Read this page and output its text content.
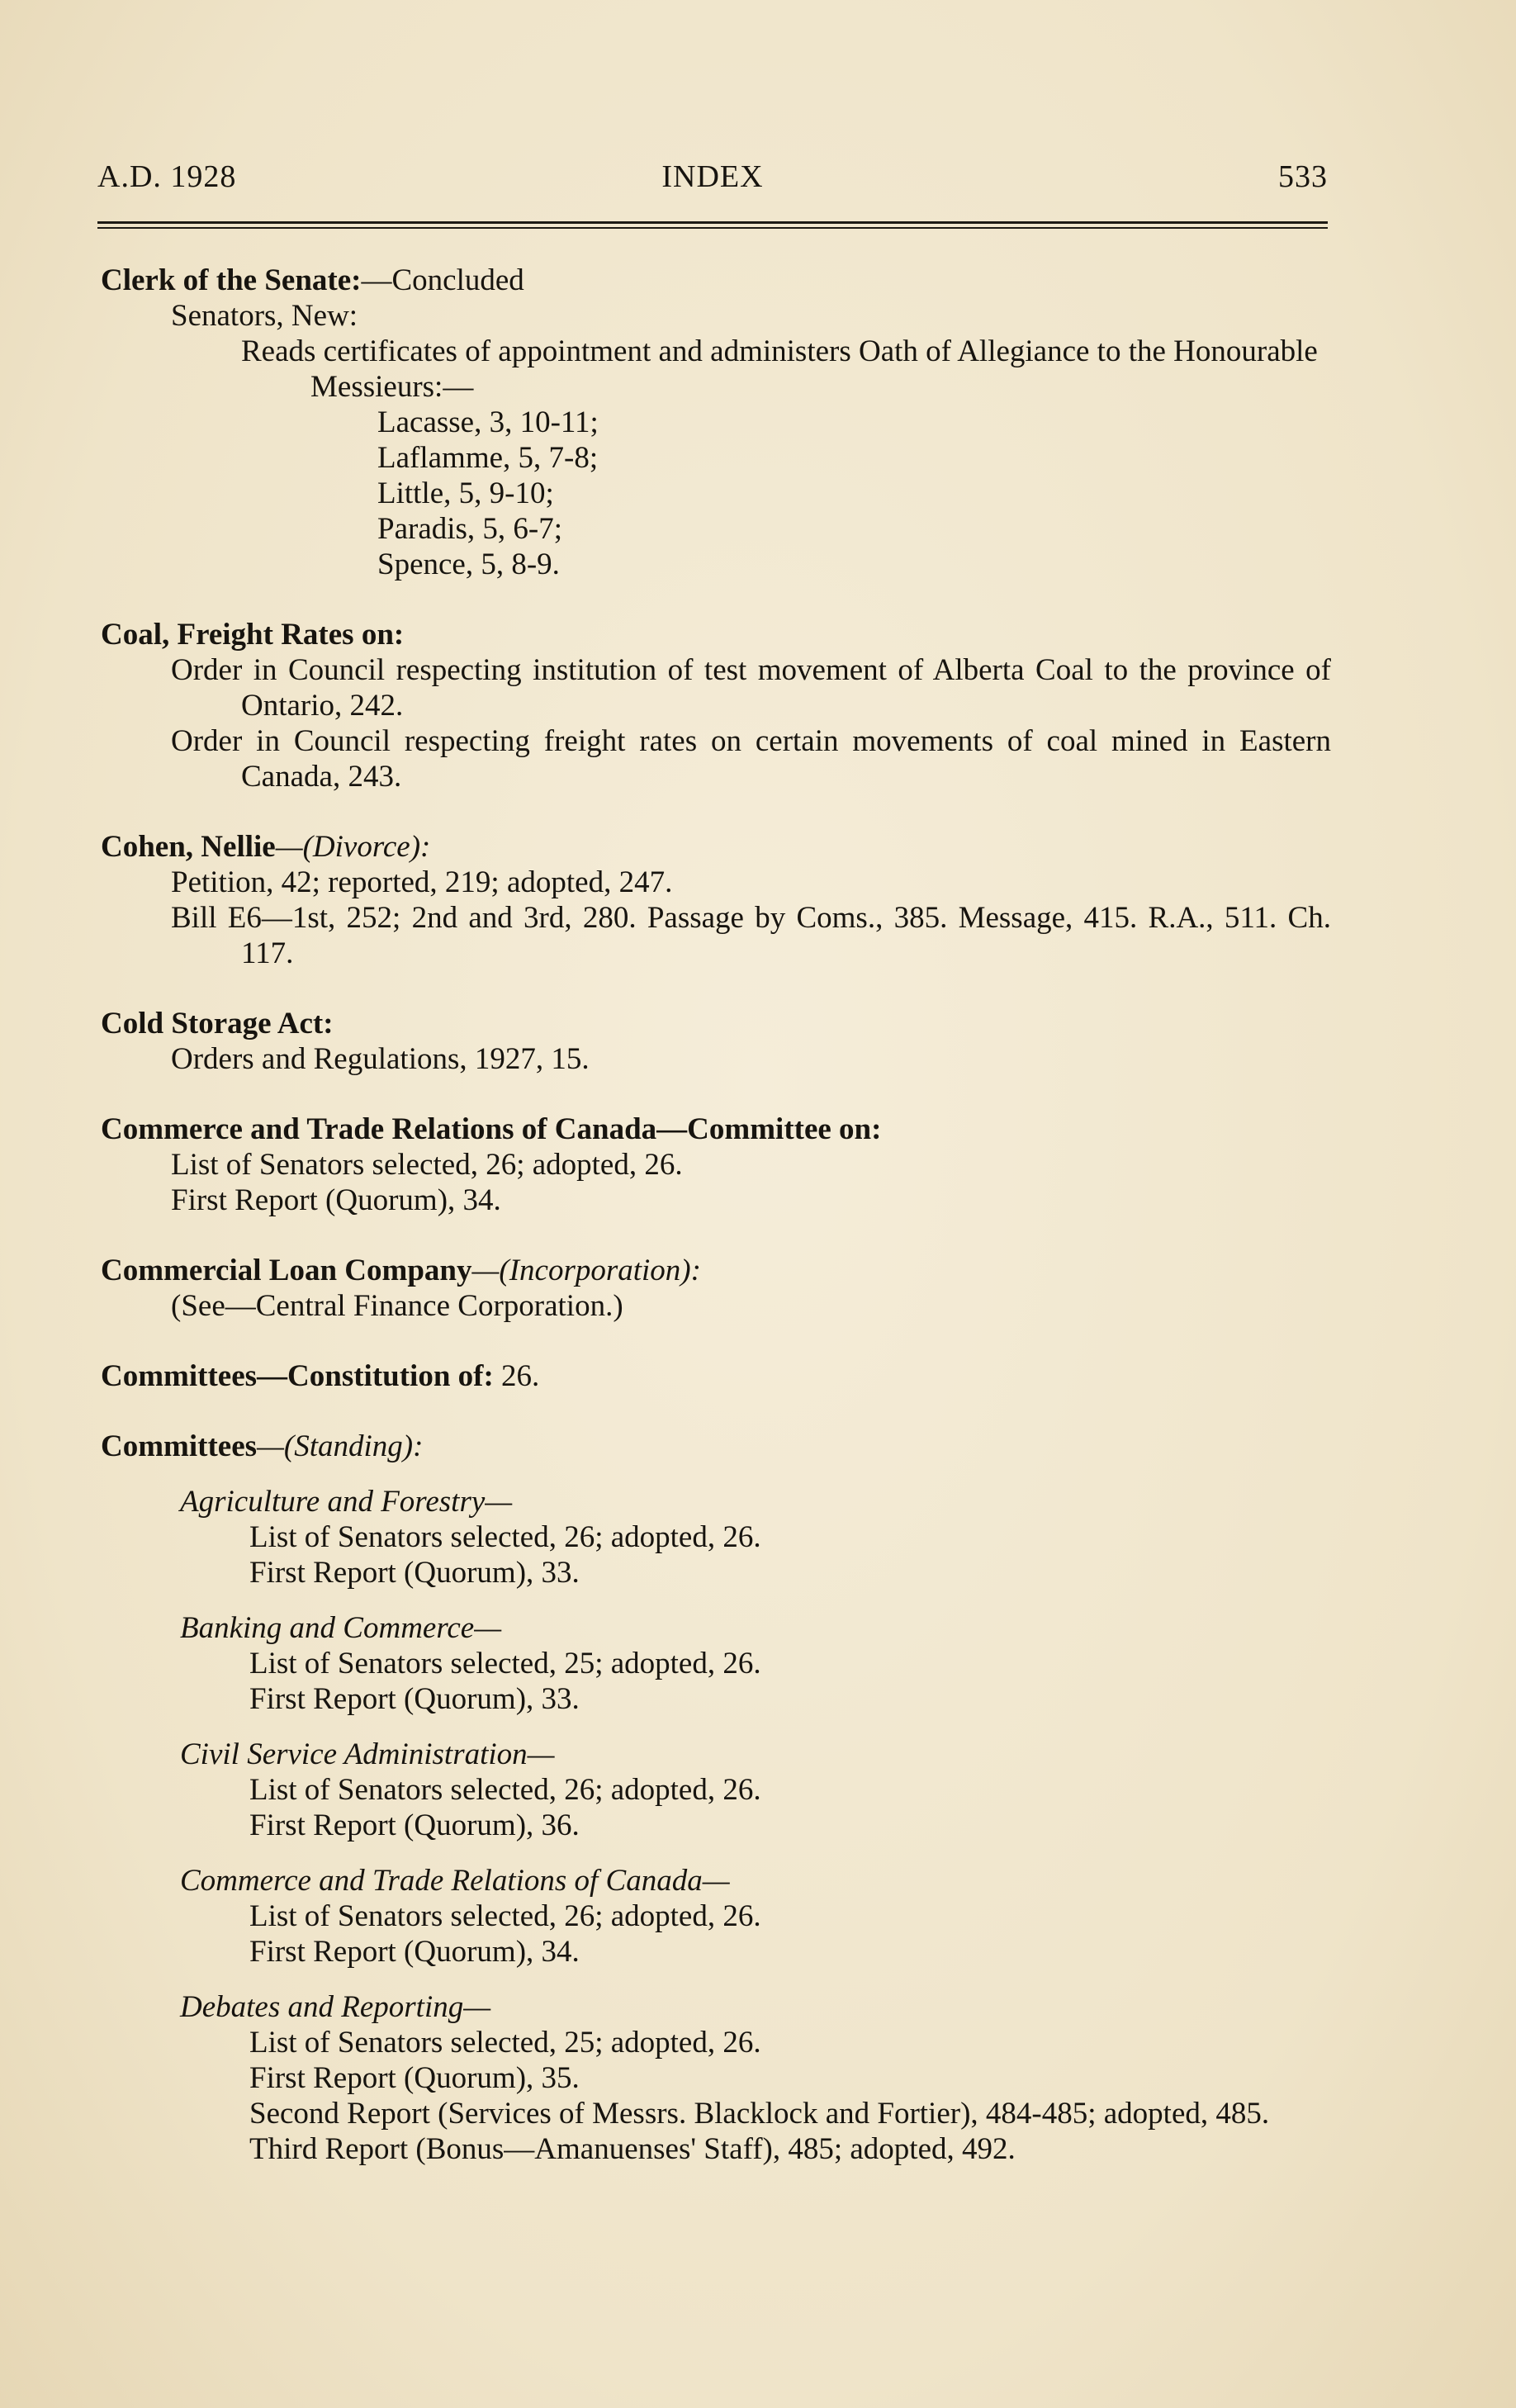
A.D. 1928	INDEX	533
Clerk of the Senate:—Concluded
Senators, New:
Reads certificates of appointment and administers Oath of Allegiance to the Honourable Messieurs:—
Lacasse, 3, 10-11;
Laflamme, 5, 7-8;
Little, 5, 9-10;
Paradis, 5, 6-7;
Spence, 5, 8-9.
Coal, Freight Rates on:
Order in Council respecting institution of test movement of Alberta Coal to the province of Ontario, 242.
Order in Council respecting freight rates on certain movements of coal mined in Eastern Canada, 243.
Cohen, Nellie—(Divorce):
Petition, 42; reported, 219; adopted, 247.
Bill E6—1st, 252; 2nd and 3rd, 280. Passage by Coms., 385. Message, 415. R.A., 511. Ch. 117.
Cold Storage Act:
Orders and Regulations, 1927, 15.
Commerce and Trade Relations of Canada—Committee on:
List of Senators selected, 26; adopted, 26.
First Report (Quorum), 34.
Commercial Loan Company—(Incorporation):
(See—Central Finance Corporation.)
Committees—Constitution of: 26.
Committees—(Standing):
Agriculture and Forestry—
List of Senators selected, 26; adopted, 26.
First Report (Quorum), 33.
Banking and Commerce—
List of Senators selected, 25; adopted, 26.
First Report (Quorum), 33.
Civil Service Administration—
List of Senators selected, 26; adopted, 26.
First Report (Quorum), 36.
Commerce and Trade Relations of Canada—
List of Senators selected, 26; adopted, 26.
First Report (Quorum), 34.
Debates and Reporting—
List of Senators selected, 25; adopted, 26.
First Report (Quorum), 35.
Second Report (Services of Messrs. Blacklock and Fortier), 484-485; adopted, 485.
Third Report (Bonus—Amanuenses' Staff), 485; adopted, 492.
